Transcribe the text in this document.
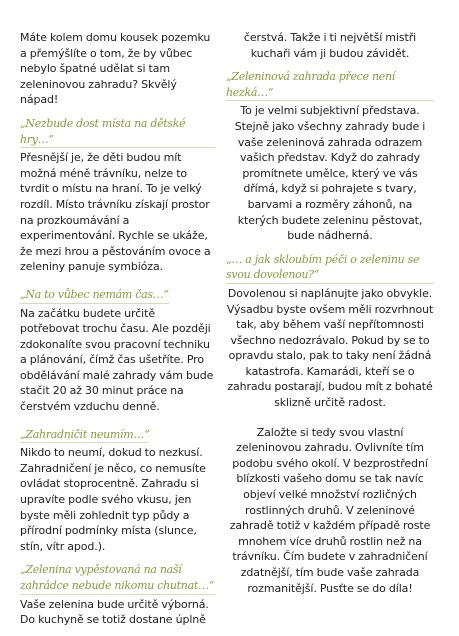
Máte kolem domu kousek pozemku a přemýšlíte o tom, že by vůbec nebylo špatné udělat si tam zeleninovou zahradu? Skvělý nápad!

„Nezbude dost místa na dětské hry…“

Přesnější je, že děti budou mít možná méně trávníku, nelze to tvrdit o místu na hraní. To je velký rozdíl. Místo trávníku získají prostor na prozkoumávání a experimentování. Rychle se ukáže, že mezi hrou a pěstováním ovoce a zeleniny panuje symbióza.

„Na to vůbec nemám čas…“

Na začátku budete určitě potřebovat trochu času. Ale později zdokonalíte svou pracovní techniku a plánování, čímž čas ušetříte. Pro obdělávání malé zahrady vám bude stačit 20 až 30 minut práce na čerstvém vzduchu denně.

„Zahradničit neumím…“

Nikdo to neumí, dokud to nezkusí. Zahradničení je něco, co nemusíte ovládat stoprocentně. Zahradu si upravíte podle svého vkusu, jen byste měli zohlednit typ půdy a přírodní podmínky místa (slunce, stín, vítr apod.).

„Zelenina vypěstovaná na naší zahrádce nebude nikomu chutnat…“

Vaše zelenina bude určitě výborná. Do kuchyně se totiž dostane úplně

čerstvá. Takže i ti největší mistři kuchaři vám ji budou závidět.

„Zeleninová zahrada přece není hezká…“

To je velmi subjektivní představa. Stejně jako všechny zahrady bude i vaše zeleninová zahrada odrazem vašich představ. Když do zahrady promítnete umělce, který ve vás dřímá, když si pohrajete s tvary, barvami a rozměry záhonů, na kterých budete zeleninu pěstovat, bude nádherná.

„… a jak skloubím péči o zeleninu se svou dovolenou?“

Dovolenou si naplánujte jako obvykle. Výsadbu byste ovšem měli rozvrhnout tak, aby během vaší nepřítomnosti všechno nedozrávalo. Pokud by se to opravdu stalo, pak to taky není žádná katastrofa. Kamarádi, kteří se o zahradu postarají, budou mít z bohaté sklizně určitě radost.

Založte si tedy svou vlastní zeleninovou zahradu. Ovlivníte tím podobu svého okolí. V bezprostřední blízkosti vašeho domu se tak navíc objeví velké množství rozličných rostlinných druhů. V zeleninové zahradě totiž v každém případě roste mnohem více druhů rostlin než na trávníku. Čím budete v zahradničení zdatnější, tím bude vaše zahrada rozmanitější. Pusťte se do díla!
